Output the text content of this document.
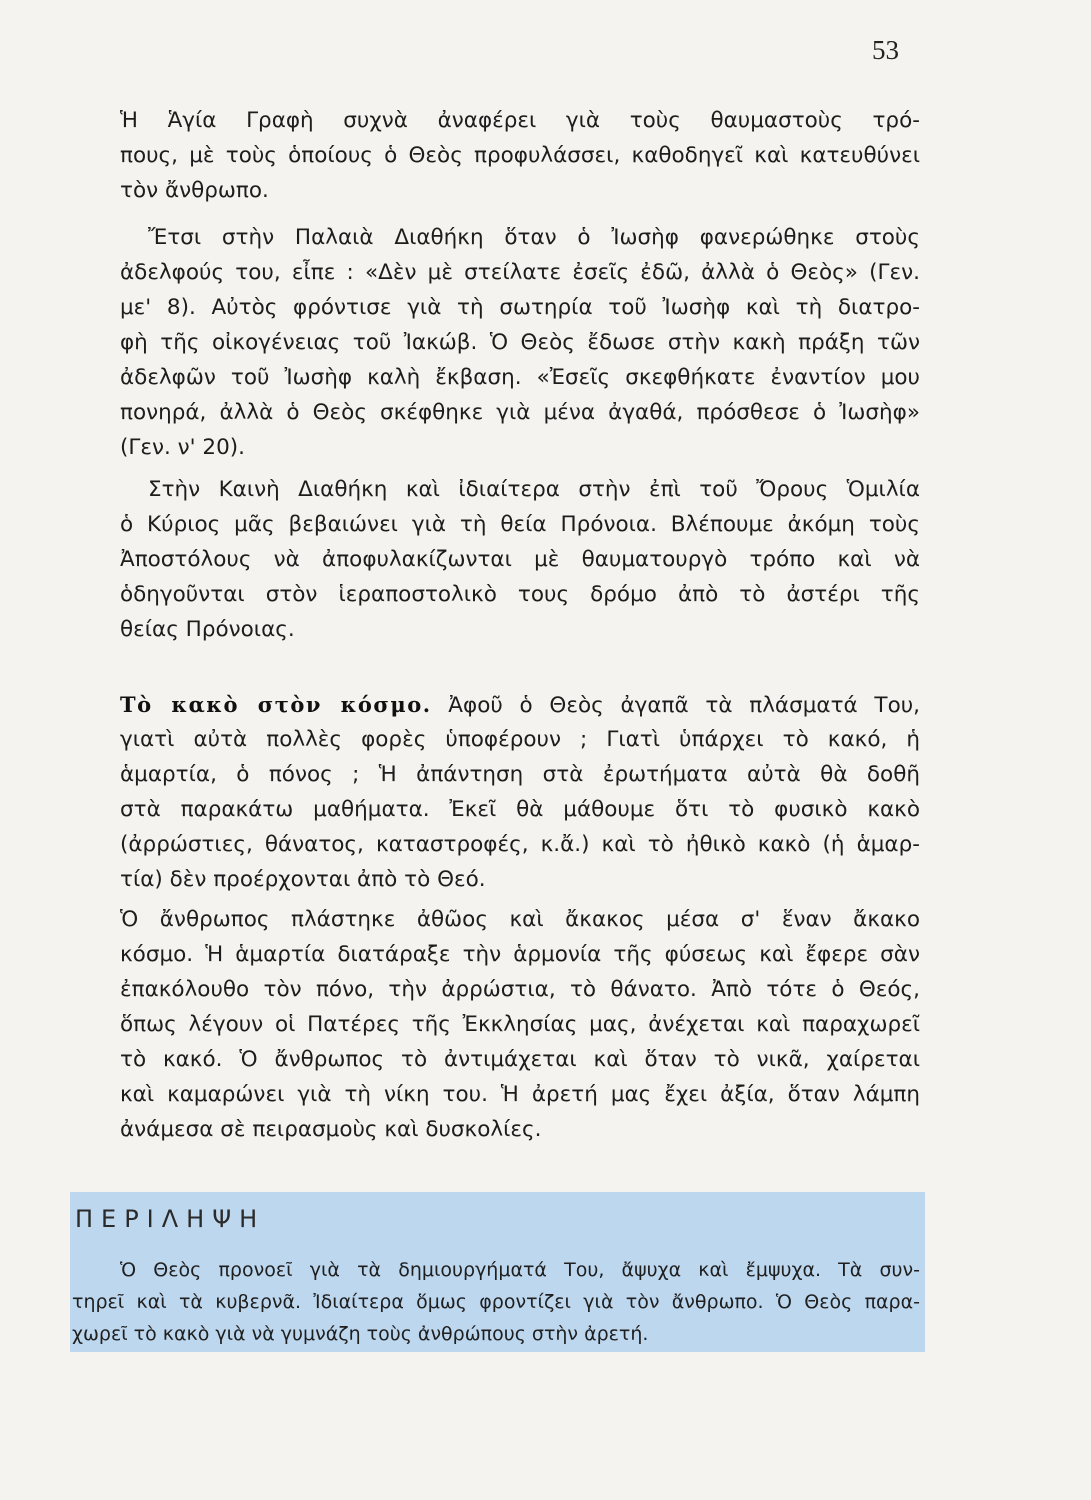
53
Ἡ Ἁγία Γραφὴ συχνὰ ἀναφέρει γιὰ τοὺς θαυμαστοὺς τρό-
πους, μὲ τοὺς ὁποίους ὁ Θεὸς προφυλάσσει, καθοδηγεῖ καὶ κατευθύνει
τὸν ἄνθρωπο.
Ἔτσι στὴν Παλαιὰ Διαθήκη ὅταν ὁ Ἰωσὴφ φανερώθηκε στοὺς
ἀδελφούς του, εἶπε : «Δὲν μὲ στείλατε ἐσεῖς ἐδῶ, ἀλλὰ ὁ Θεὸς» (Γεν.
με' 8). Αὐτὸς φρόντισε γιὰ τὴ σωτηρία τοῦ Ἰωσὴφ καὶ τὴ διατρο-
φὴ τῆς οἰκογένειας τοῦ Ἰακώβ. Ὁ Θεὸς ἔδωσε στὴν κακὴ πράξη τῶν
ἀδελφῶν τοῦ Ἰωσὴφ καλὴ ἔκβαση. «Ἐσεῖς σκεφθήκατε ἐναντίον μου
πονηρά, ἀλλὰ ὁ Θεὸς σκέφθηκε γιὰ μένα ἀγαθά, πρόσθεσε ὁ Ἰωσὴφ»
(Γεν. ν' 20).
Στὴν Καινὴ Διαθήκη καὶ ἰδιαίτερα στὴν ἐπὶ τοῦ Ὄρους Ὁμιλία
ὁ Κύριος μᾶς βεβαιώνει γιὰ τὴ θεία Πρόνοια. Βλέπουμε ἀκόμη τοὺς
Ἀποστόλους νὰ ἀποφυλακίζωνται μὲ θαυματουργὸ τρόπο καὶ νὰ
ὁδηγοῦνται στὸν ἱεραποστολικὸ τους δρόμο ἀπὸ τὸ ἀστέρι τῆς
θείας Πρόνοιας.
Τὸ κακὸ στὸν κόσμο. Ἀφοῦ ὁ Θεὸς ἀγαπᾶ τὰ πλάσματά Του,
γιατὶ αὐτὰ πολλὲς φορὲς ὑποφέρουν ; Γιατὶ ὑπάρχει τὸ κακό, ἡ
ἁμαρτία, ὁ πόνος ; Ἡ ἀπάντηση στὰ ἐρωτήματα αὐτὰ θὰ δοθῆ
στὰ παρακάτω μαθήματα. Ἐκεῖ θὰ μάθουμε ὅτι τὸ φυσικὸ κακὸ
(ἀρρώστιες, θάνατος, καταστροφές, κ.ἄ.) καὶ τὸ ἠθικὸ κακὸ (ἡ ἁμαρ-
τία) δὲν προέρχονται ἀπὸ τὸ Θεό.
Ὁ ἄνθρωπος πλάστηκε ἀθῶος καὶ ἄκακος μέσα σ' ἕναν ἄκακο
κόσμο. Ἡ ἁμαρτία διατάραξε τὴν ἁρμονία τῆς φύσεως καὶ ἔφερε σὰν
ἐπακόλουθο τὸν πόνο, τὴν ἀρρώστια, τὸ θάνατο. Ἀπὸ τότε ὁ Θεός,
ὅπως λέγουν οἱ Πατέρες τῆς Ἐκκλησίας μας, ἀνέχεται καὶ παραχωρεῖ
τὸ κακό. Ὁ ἄνθρωπος τὸ ἀντιμάχεται καὶ ὅταν τὸ νικᾶ, χαίρεται
καὶ καμαρώνει γιὰ τὴ νίκη του. Ἡ ἀρετή μας ἔχει ἀξία, ὅταν λάμπη
ἀνάμεσα σὲ πειρασμοὺς καὶ δυσκολίες.
ΠΕΡΙΛΗΨΗ
Ὁ Θεὸς προνοεῖ γιὰ τὰ δημιουργήματά Του, ἄψυχα καὶ ἔμψυχα. Τὰ συν-
τηρεῖ καὶ τὰ κυβερνᾶ. Ἰδιαίτερα ὅμως φροντίζει γιὰ τὸν ἄνθρωπο. Ὁ Θεὸς παρα-
χωρεῖ τὸ κακὸ γιὰ νὰ γυμνάζη τοὺς ἀνθρώπους στὴν ἀρετή.
